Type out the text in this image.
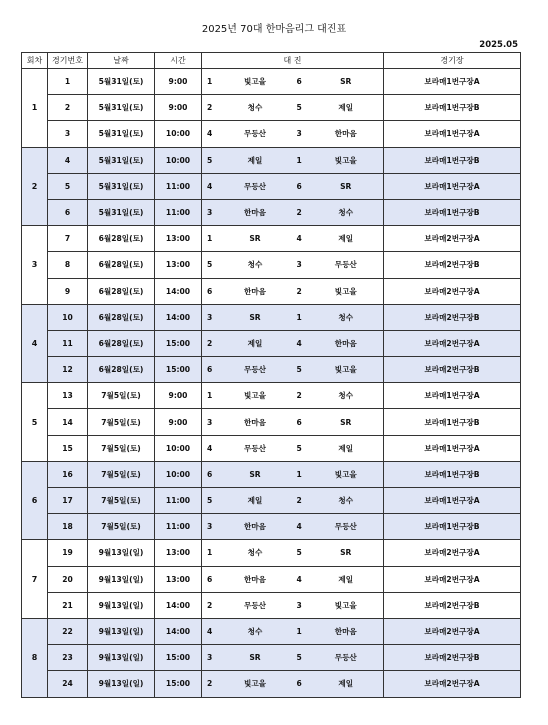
2025년 70대 한마음리그 대진표
2025.05
회차	경기번호	날짜	시간	대 진				경기장
1	1	5월31일(토)	9:00	1	빛고을	6	SR	보라매1번구장A
	2	5월31일(토)	9:00	2	청수	5	제일	보라매1번구장B
	3	5월31일(토)	10:00	4	무등산	3	한마음	보라매1번구장A
2	4	5월31일(토)	10:00	5	제일	1	빛고을	보라매1번구장B
	5	5월31일(토)	11:00	4	무등산	6	SR	보라매1번구장A
	6	5월31일(토)	11:00	3	한마음	2	청수	보라매1번구장B
3	7	6월28일(토)	13:00	1	SR	4	제일	보라매2번구장A
	8	6월28일(토)	13:00	5	청수	3	무등산	보라매2번구장B
	9	6월28일(토)	14:00	6	한마음	2	빛고을	보라매2번구장A
4	10	6월28일(토)	14:00	3	SR	1	청수	보라매2번구장B
	11	6월28일(토)	15:00	2	제일	4	한마음	보라매2번구장A
	12	6월28일(토)	15:00	6	무등산	5	빛고을	보라매2번구장B
5	13	7월5일(토)	9:00	1	빛고을	2	청수	보라매1번구장A
	14	7월5일(토)	9:00	3	한마음	6	SR	보라매1번구장B
	15	7월5일(토)	10:00	4	무등산	5	제일	보라매1번구장A
6	16	7월5일(토)	10:00	6	SR	1	빛고을	보라매1번구장B
	17	7월5일(토)	11:00	5	제일	2	청수	보라매1번구장A
	18	7월5일(토)	11:00	3	한마음	4	무등산	보라매1번구장B
7	19	9월13일(일)	13:00	1	청수	5	SR	보라매2번구장A
	20	9월13일(일)	13:00	6	한마음	4	제일	보라매2번구장A
	21	9월13일(일)	14:00	2	무등산	3	빛고을	보라매2번구장B
8	22	9월13일(일)	14:00	4	청수	1	한마음	보라매2번구장A
	23	9월13일(일)	15:00	3	SR	5	무등산	보라매2번구장B
	24	9월13일(일)	15:00	2	빛고을	6	제일	보라매2번구장A
